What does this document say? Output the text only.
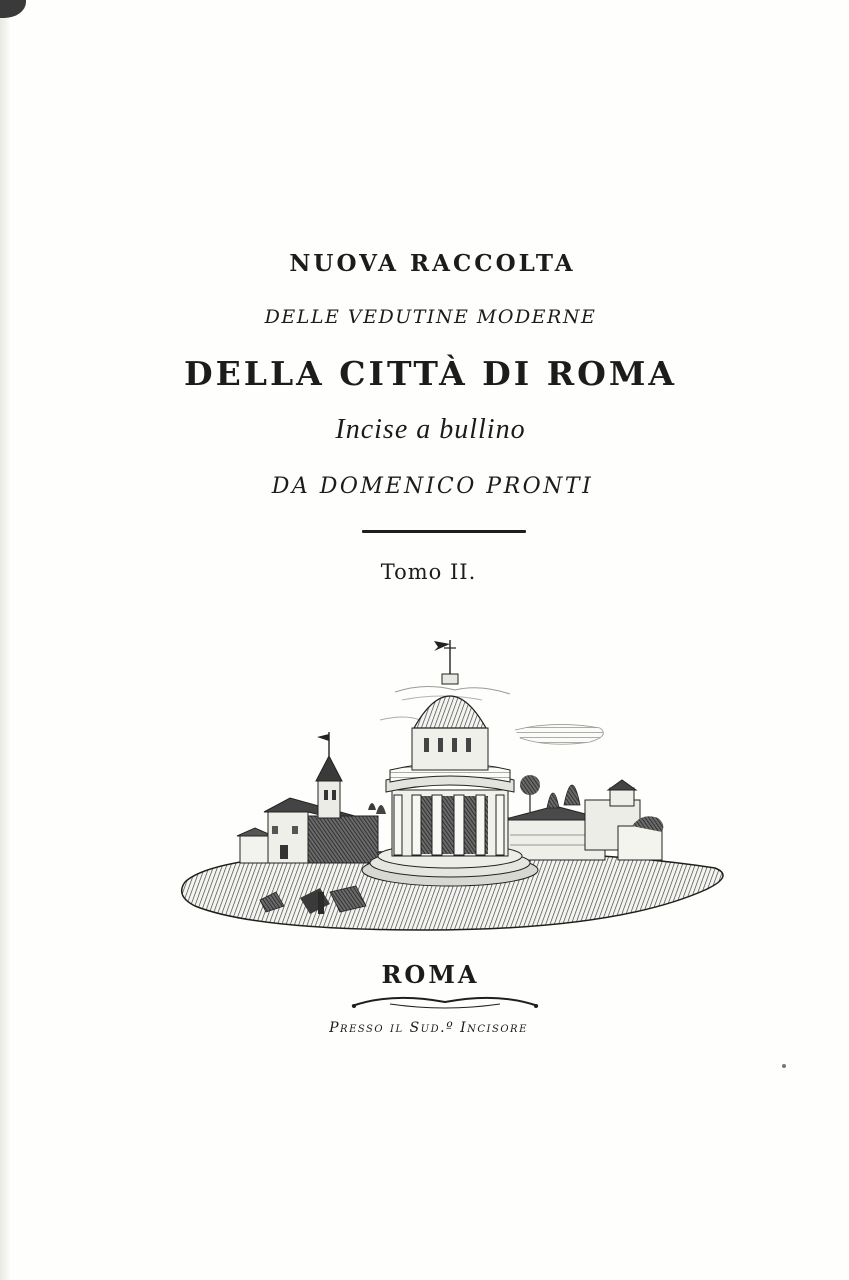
NUOVA RACCOLTA
DELLE VEDUTINE MODERNE
DELLA CITTÀ DI ROMA
Incise a bullino
DA DOMENICO PRONTI
Tomo II.
ROMA
Presso il Sud.º Incisore
